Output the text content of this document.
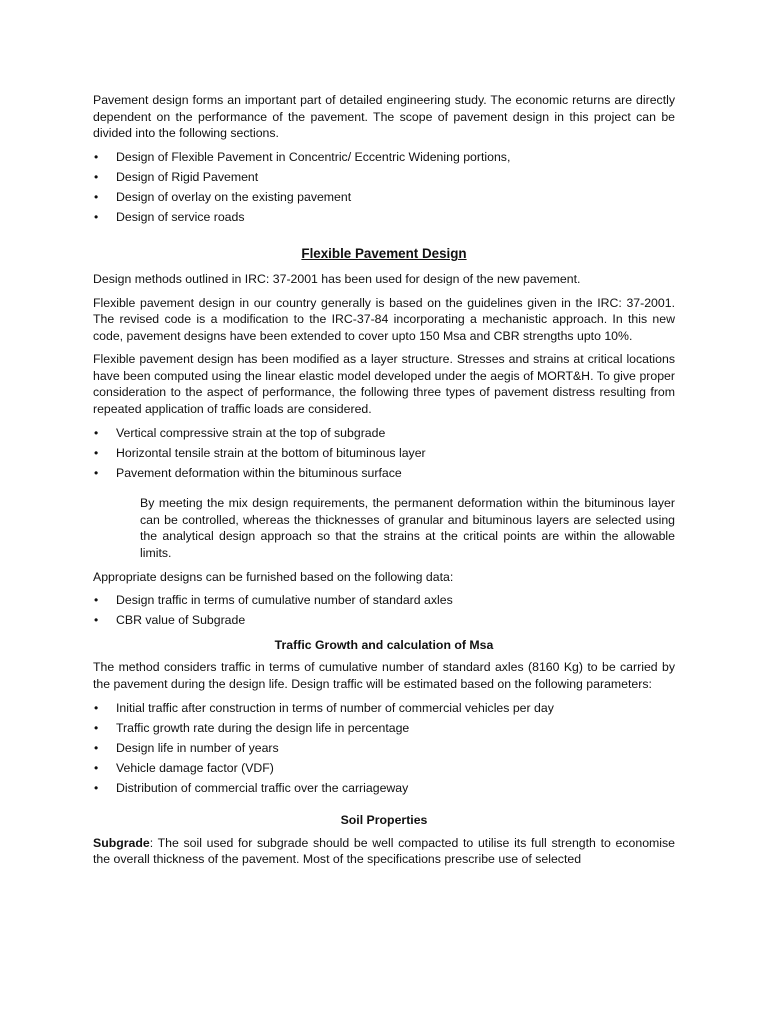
Pavement design forms an important part of detailed engineering study. The economic returns are directly dependent on the performance of the pavement. The scope of pavement design in this project can be divided into the following sections.

• Design of Flexible Pavement in Concentric/ Eccentric Widening portions,
• Design of Rigid Pavement
• Design of overlay on the existing pavement
• Design of service roads
Flexible Pavement Design

Design methods outlined in IRC: 37-2001 has been used for design of the new pavement.

Flexible pavement design in our country generally is based on the guidelines given in the IRC: 37-2001. The revised code is a modification to the IRC-37-84 incorporating a mechanistic approach. In this new code, pavement designs have been extended to cover upto 150 Msa and CBR strengths upto 10%.

Flexible pavement design has been modified as a layer structure. Stresses and strains at critical locations have been computed using the linear elastic model developed under the aegis of MORT&H. To give proper consideration to the aspect of performance, the following three types of pavement distress resulting from repeated application of traffic loads are considered.

• Vertical compressive strain at the top of subgrade
• Horizontal tensile strain at the bottom of bituminous layer
• Pavement deformation within the bituminous surface

By meeting the mix design requirements, the permanent deformation within the bituminous layer can be controlled, whereas the thicknesses of granular and bituminous layers are selected using the analytical design approach so that the strains at the critical points are within the allowable limits.

Appropriate designs can be furnished based on the following data:

• Design traffic in terms of cumulative number of standard axles
• CBR value of Subgrade
Traffic Growth and calculation of Msa

The method considers traffic in terms of cumulative number of standard axles (8160 Kg) to be carried by the pavement during the design life. Design traffic will be estimated based on the following parameters:

• Initial traffic after construction in terms of number of commercial vehicles per day
• Traffic growth rate during the design life in percentage
• Design life in number of years
• Vehicle damage factor (VDF)
• Distribution of commercial traffic over the carriageway
Soil Properties

Subgrade: The soil used for subgrade should be well compacted to utilise its full strength to economise the overall thickness of the pavement. Most of the specifications prescribe use of selected
